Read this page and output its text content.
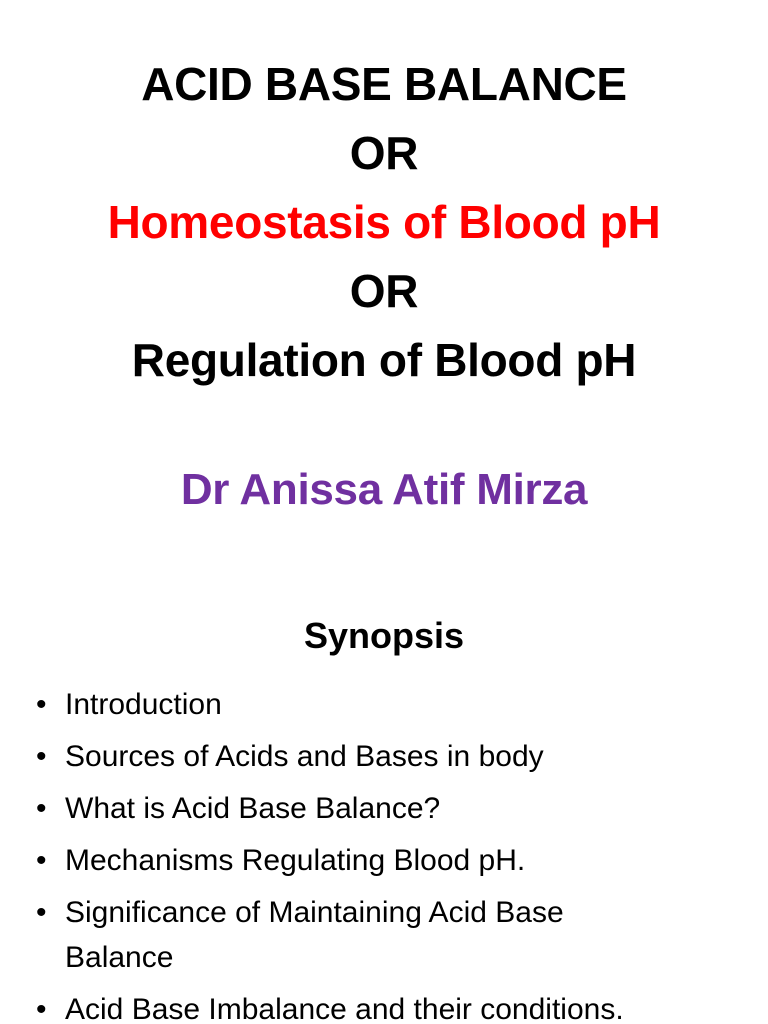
ACID BASE BALANCE

OR

Homeostasis of Blood pH

OR

Regulation of Blood pH

Dr Anissa Atif Mirza
Synopsis
• Introduction
• Sources of Acids and Bases in body
• What is Acid Base Balance?
• Mechanisms Regulating Blood pH.
• Significance of Maintaining Acid Base Balance
• Acid Base Imbalance and their conditions.
